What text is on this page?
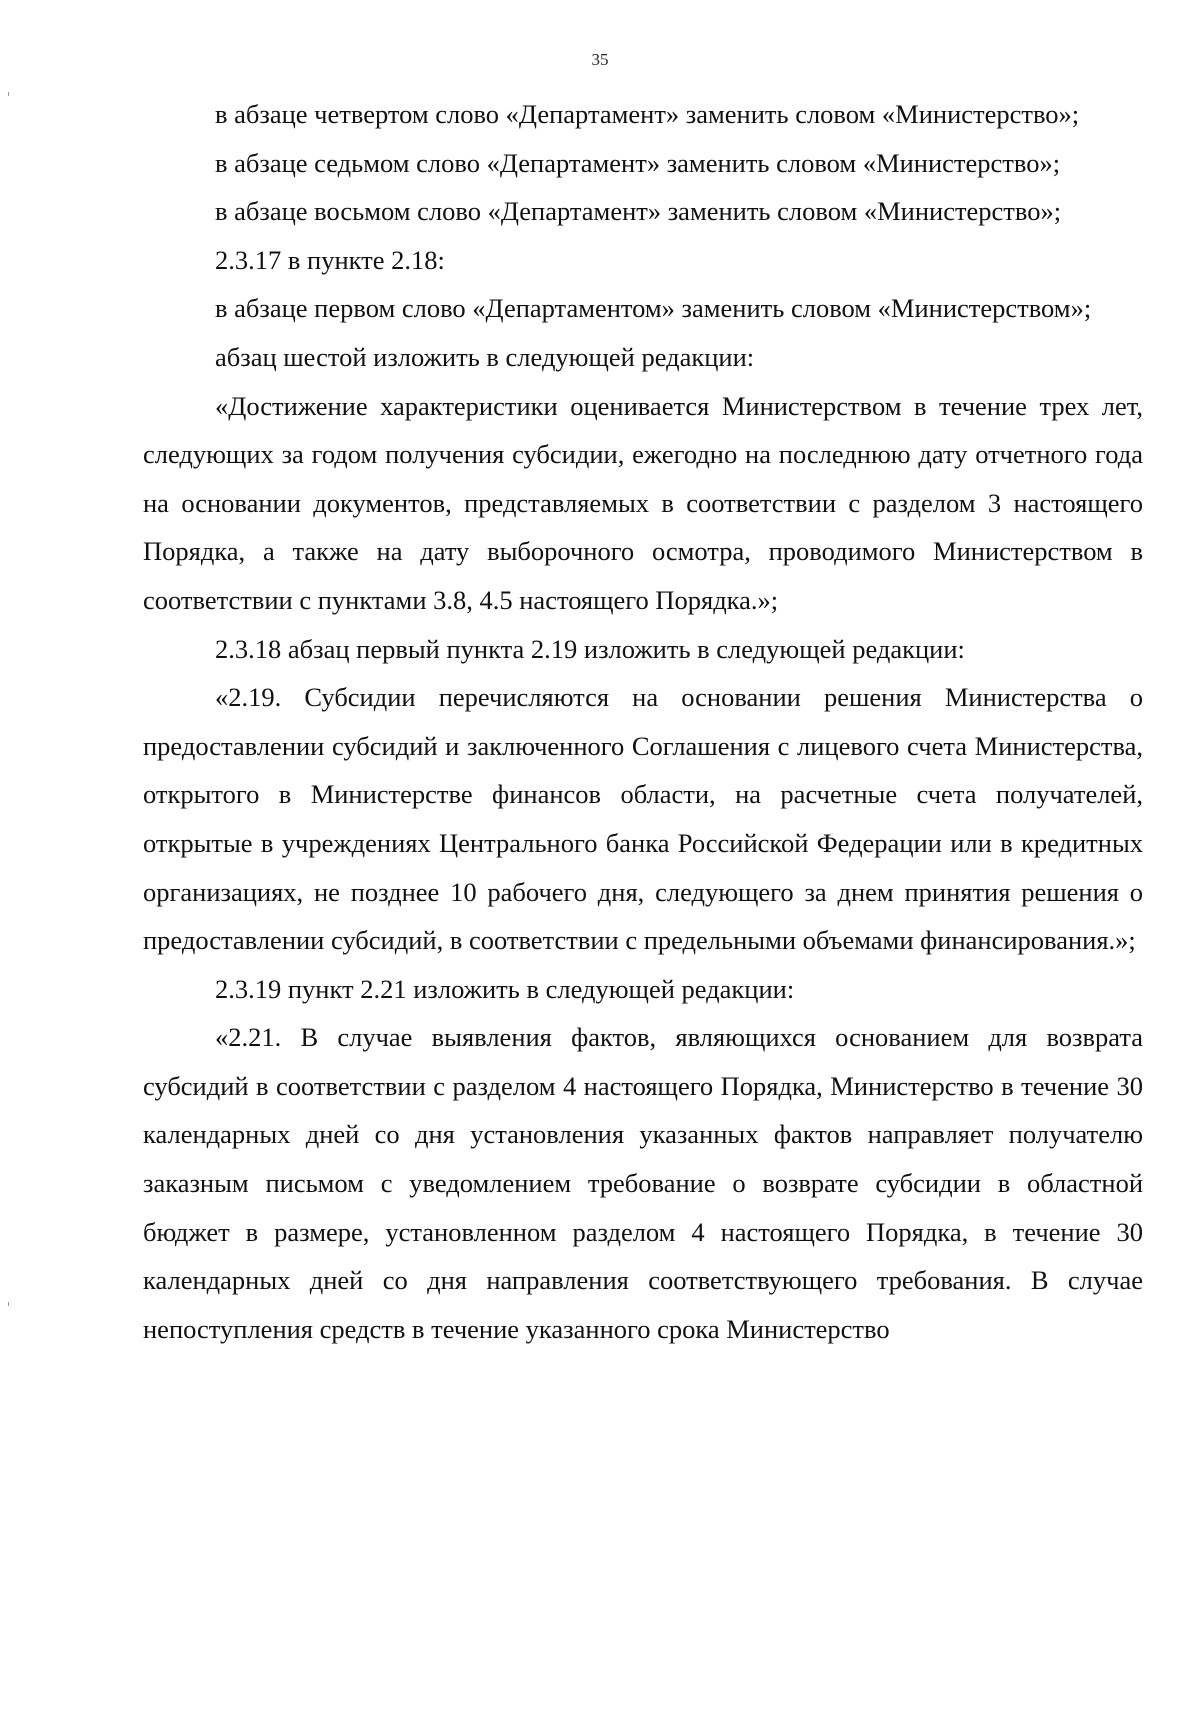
35

в абзаце четвертом слово «Департамент» заменить словом «Министерство»;

в абзаце седьмом слово «Департамент» заменить словом «Министерство»;

в абзаце восьмом слово «Департамент» заменить словом «Министерство»;

2.3.17 в пункте 2.18:

в абзаце первом слово «Департаментом» заменить словом «Министерством»;

абзац шестой изложить в следующей редакции:

«Достижение характеристики оценивается Министерством в течение трех лет, следующих за годом получения субсидии, ежегодно на последнюю дату отчетного года на основании документов, представляемых в соответствии с разделом 3 настоящего Порядка, а также на дату выборочного осмотра, проводимого Министерством в соответствии с пунктами 3.8, 4.5 настоящего Порядка.»;

2.3.18 абзац первый пункта 2.19 изложить в следующей редакции:

«2.19. Субсидии перечисляются на основании решения Министерства о предоставлении субсидий и заключенного Соглашения с лицевого счета Министерства, открытого в Министерстве финансов области, на расчетные счета получателей, открытые в учреждениях Центрального банка Российской Федерации или в кредитных организациях, не позднее 10 рабочего дня, следующего за днем принятия решения о предоставлении субсидий, в соответствии с предельными объемами финансирования.»;

2.3.19 пункт 2.21 изложить в следующей редакции:

«2.21. В случае выявления фактов, являющихся основанием для возврата субсидий в соответствии с разделом 4 настоящего Порядка, Министерство в течение 30 календарных дней со дня установления указанных фактов направляет получателю заказным письмом с уведомлением требование о возврате субсидии в областной бюджет в размере, установленном разделом 4 настоящего Порядка, в течение 30 календарных дней со дня направления соответствующего требования. В случае непоступления средств в течение указанного срока Министерство
